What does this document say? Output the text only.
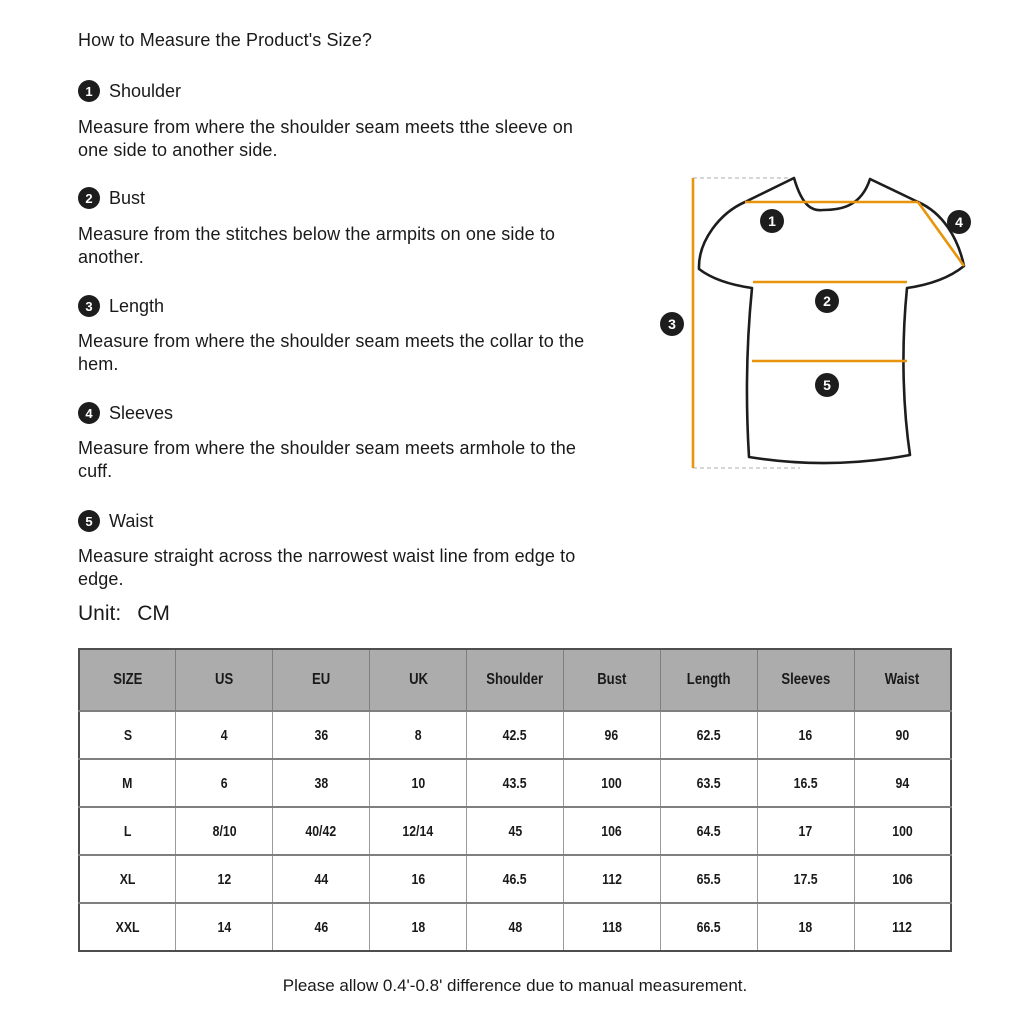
How to Measure the Product's Size?
1 Shoulder

Measure from where the shoulder seam meets tthe sleeve on one side to another side.

2 Bust

Measure from the stitches below the armpits on one side to another.

3 Length

Measure from where the shoulder seam meets the collar to the hem.

4 Sleeves

Measure from where the shoulder seam meets armhole to the cuff.

5 Waist

Measure straight across the narrowest waist line from edge to edge.

1
2
3
4
5
Unit: CM
SIZE	US	EU	UK	Shoulder	Bust	Length	Sleeves	Waist
S	4	36	8	42.5	96	62.5	16	90
M	6	38	10	43.5	100	63.5	16.5	94
L	8/10	40/42	12/14	45	106	64.5	17	100
XL	12	44	16	46.5	112	65.5	17.5	106
XXL	14	46	18	48	118	66.5	18	112
Please allow 0.4'-0.8' difference due to manual measurement.
